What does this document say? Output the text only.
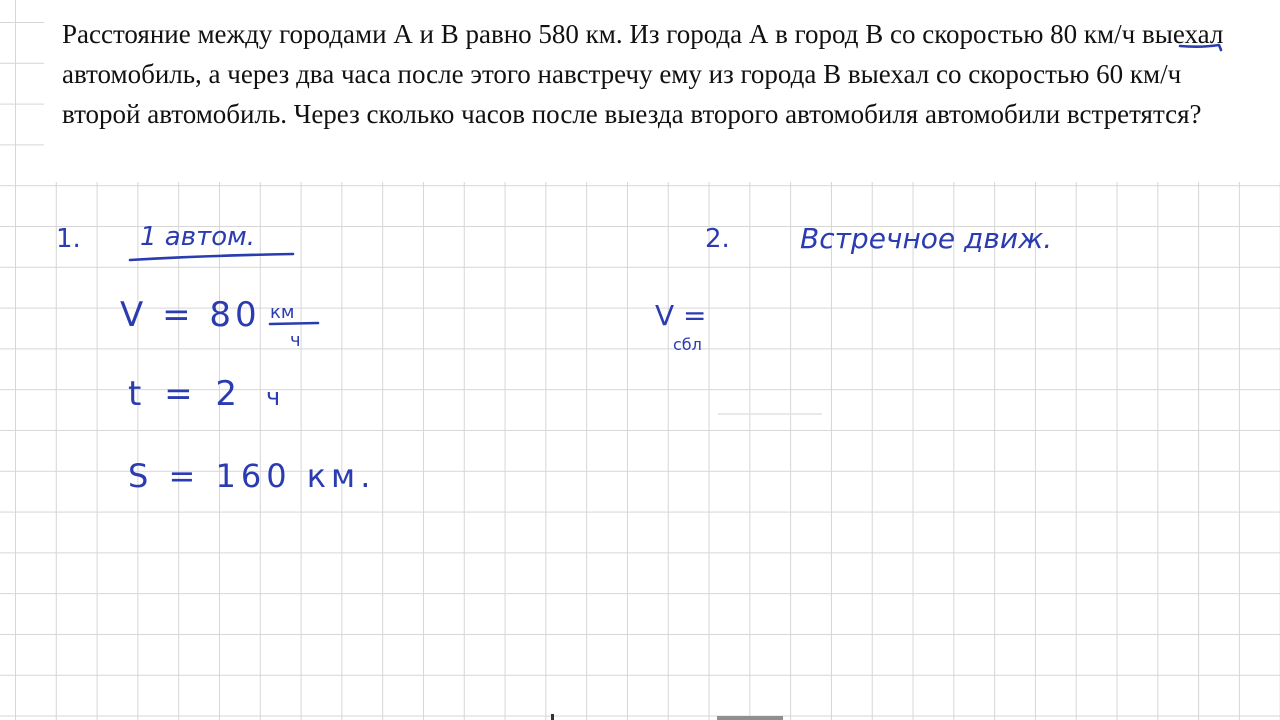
Расстояние между городами А и В равно 580 км. Из города А в город В со скоростью 80 км/ч выехал автомобиль, а через два часа после этого навстречу ему из города В выехал со скоростью 60 км/ч второй автомобиль. Через сколько часов после выезда второго автомобиля автомобили встретятся?

1. 1 автом.
V = 80 км
ч
t = 2 ч
S = 160 км.
2.	Встречное движ.
V =
сбл
